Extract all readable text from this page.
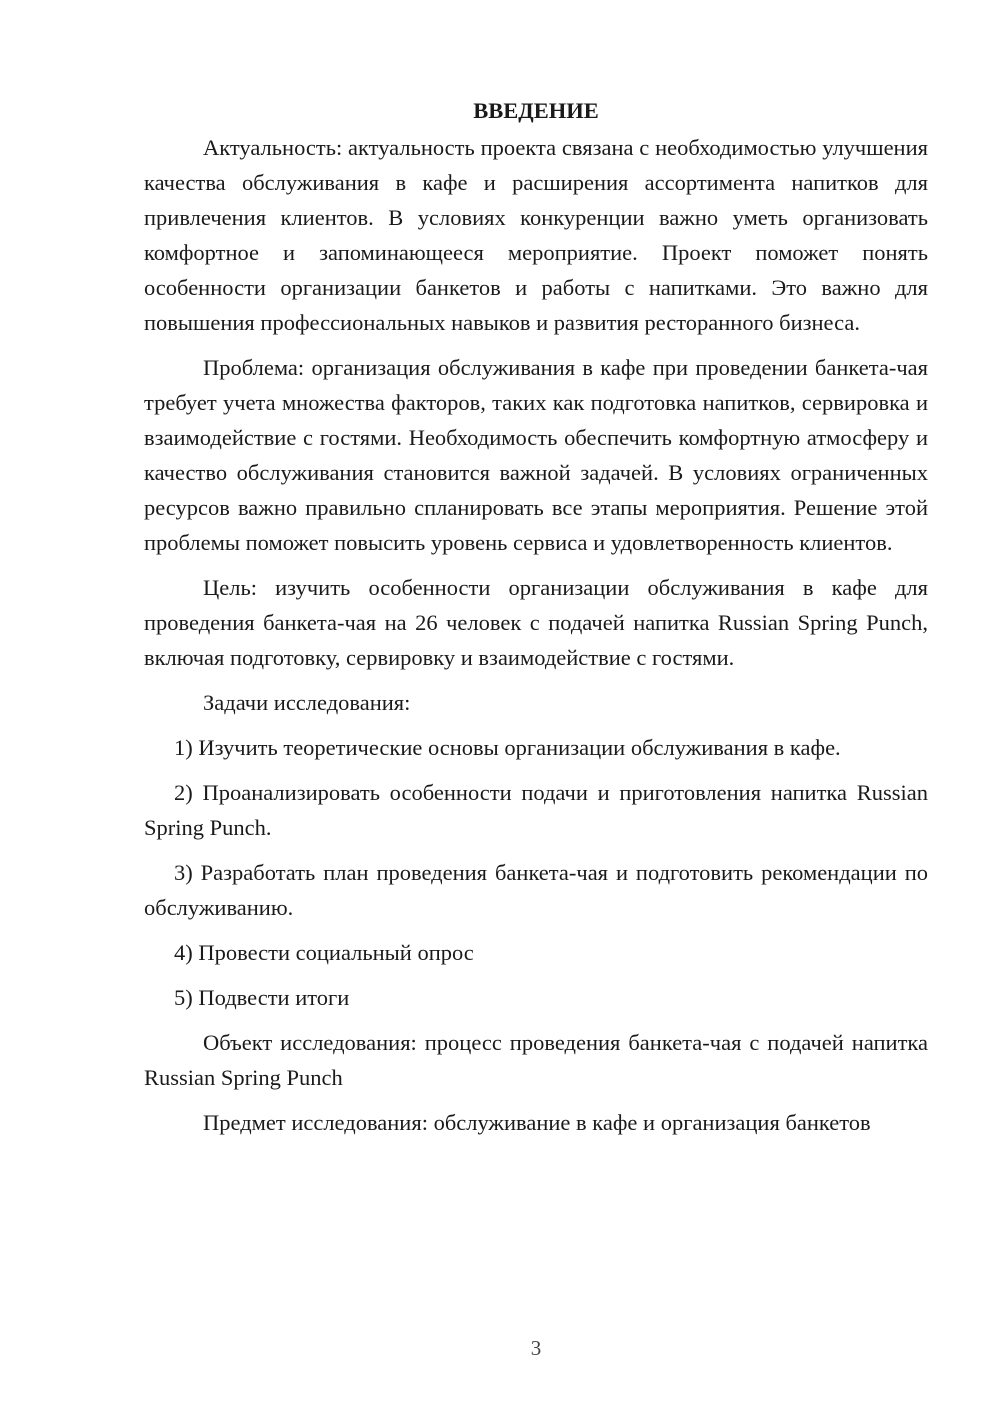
ВВЕДЕНИЕ

Актуальность: актуальность проекта связана с необходимостью улучшения качества обслуживания в кафе и расширения ассортимента напитков для привлечения клиентов. В условиях конкуренции важно уметь организовать комфортное и запоминающееся мероприятие. Проект поможет понять особенности организации банкетов и работы с напитками. Это важно для повышения профессиональных навыков и развития ресторанного бизнеса.

Проблема: организация обслуживания в кафе при проведении банкета-чая требует учета множества факторов, таких как подготовка напитков, сервировка и взаимодействие с гостями. Необходимость обеспечить комфортную атмосферу и качество обслуживания становится важной задачей. В условиях ограниченных ресурсов важно правильно спланировать все этапы мероприятия. Решение этой проблемы поможет повысить уровень сервиса и удовлетворенность клиентов.

Цель: изучить особенности организации обслуживания в кафе для проведения банкета-чая на 26 человек с подачей напитка Russian Spring Punch, включая подготовку, сервировку и взаимодействие с гостями.

Задачи исследования:

1) Изучить теоретические основы организации обслуживания в кафе.

2) Проанализировать особенности подачи и приготовления напитка Russian Spring Punch.

3) Разработать план проведения банкета-чая и подготовить рекомендации по обслуживанию.

4) Провести социальный опрос

5) Подвести итоги

Объект исследования: процесс проведения банкета-чая с подачей напитка Russian Spring Punch

Предмет исследования: обслуживание в кафе и организация банкетов

3
